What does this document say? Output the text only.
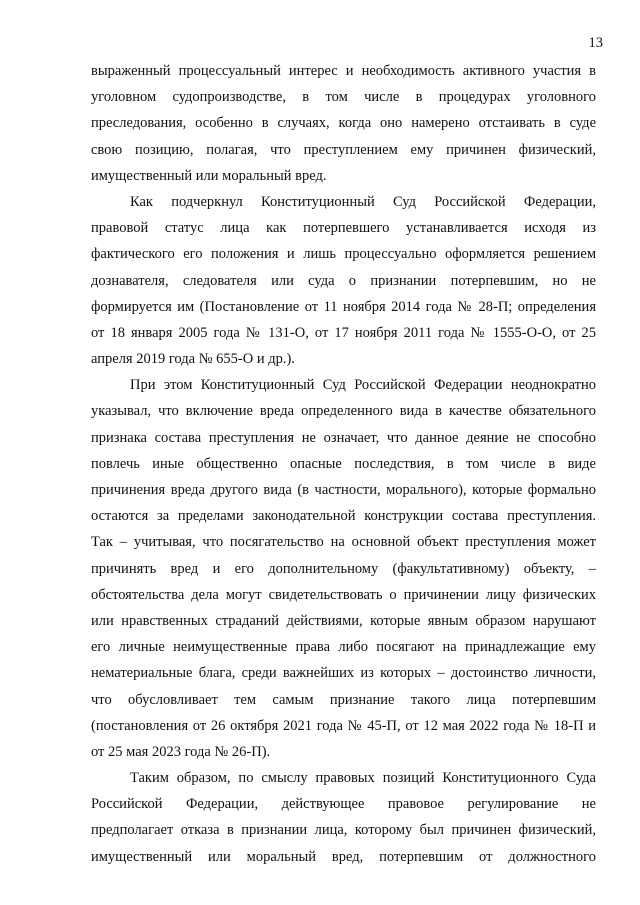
13

выраженный процессуальный интерес и необходимость активного участия в
уголовном судопроизводстве, в том числе в процедурах уголовного
преследования, особенно в случаях, когда оно намерено отстаивать в суде
свою позицию, полагая, что преступлением ему причинен физический,
имущественный или моральный вред.

Как подчеркнул Конституционный Суд Российской Федерации,
правовой статус лица как потерпевшего устанавливается исходя из
фактического его положения и лишь процессуально оформляется решением
дознавателя, следователя или суда о признании потерпевшим, но не
формируется им (Постановление от 11 ноября 2014 года № 28-П; определения
от 18 января 2005 года № 131-О, от 17 ноября 2011 года № 1555-О-О, от 25
апреля 2019 года № 655-О и др.).

При этом Конституционный Суд Российской Федерации неоднократно
указывал, что включение вреда определенного вида в качестве обязательного
признака состава преступления не означает, что данное деяние не способно
повлечь иные общественно опасные последствия, в том числе в виде
причинения вреда другого вида (в частности, морального), которые формально
остаются за пределами законодательной конструкции состава преступления.
Так – учитывая, что посягательство на основной объект преступления может
причинять вред и его дополнительному (факультативному) объекту, –
обстоятельства дела могут свидетельствовать о причинении лицу физических
или нравственных страданий действиями, которые явным образом нарушают
его личные неимущественные права либо посягают на принадлежащие ему
нематериальные блага, среди важнейших из которых – достоинство личности,
что обусловливает тем самым признание такого лица потерпевшим
(постановления от 26 октября 2021 года № 45-П, от 12 мая 2022 года № 18-П и
от 25 мая 2023 года № 26-П).

Таким образом, по смыслу правовых позиций Конституционного Суда
Российской Федерации, действующее правовое регулирование не
предполагает отказа в признании лица, которому был причинен физический,
имущественный или моральный вред, потерпевшим от должностного
